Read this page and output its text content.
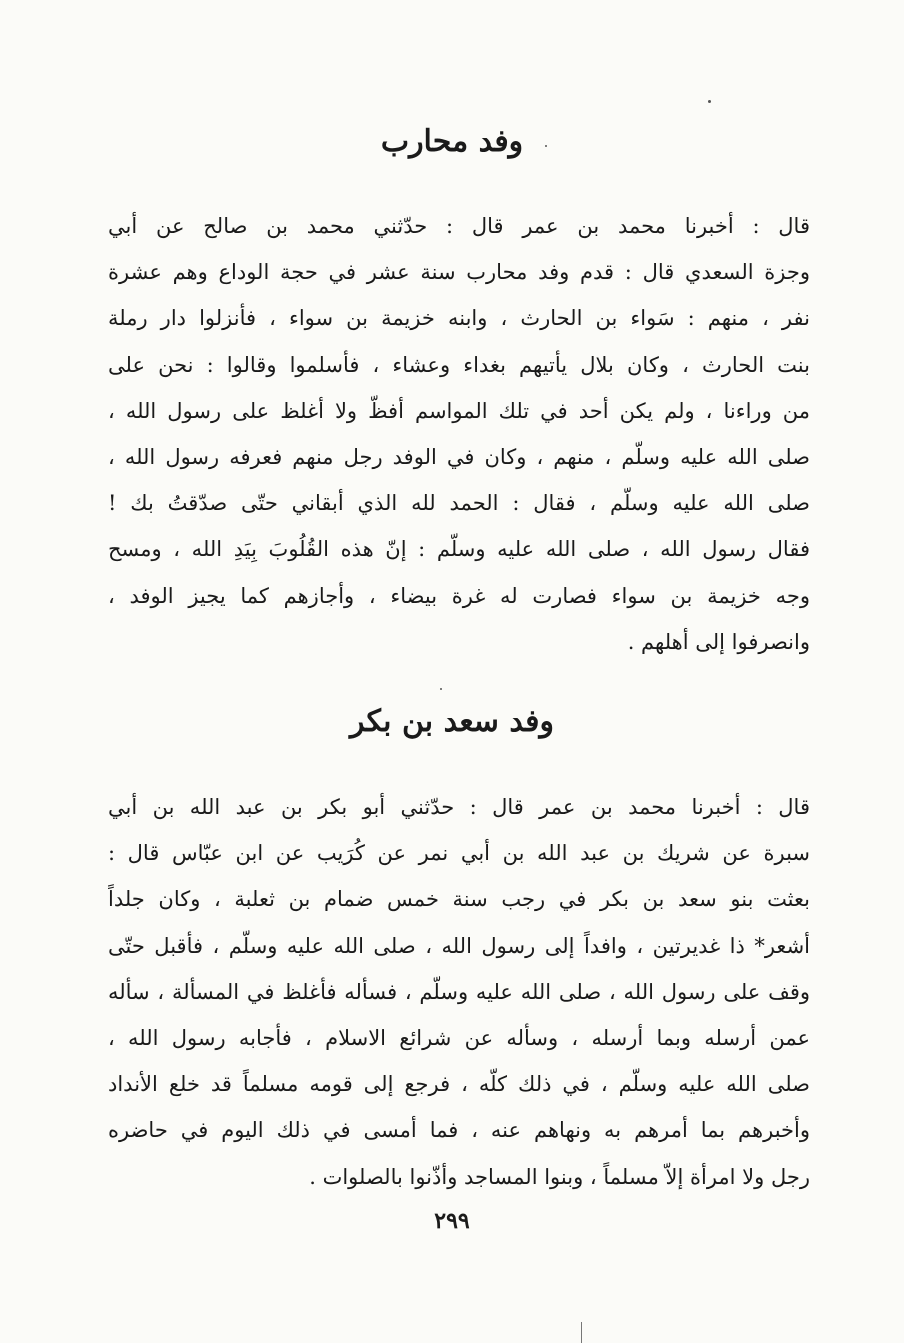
وفد محارب
قال : أخبرنا محمد بن عمر قال : حدّثني محمد بن صالح عن أبي
وجزة السعدي قال : قدم وفد محارب سنة عشر في حجة الوداع وهم عشرة
نفر ، منهم : سَواء بن الحارث ، وابنه خزيمة بن سواء ، فأنزلوا دار رملة
بنت الحارث ، وكان بلال يأتيهم بغداء وعشاء ، فأسلموا وقالوا : نحن على
من وراءنا ، ولم يكن أحد في تلك المواسم أفظّ ولا أغلظ على رسول الله ،
صلى الله عليه وسلّم ، منهم ، وكان في الوفد رجل منهم فعرفه رسول الله ،
صلى الله عليه وسلّم ، فقال : الحمد لله الذي أبقاني حتّى صدّقتُ بك !
فقال رسول الله ، صلى الله عليه وسلّم : إنّ هذه القُلُوبَ بِيَدِ الله ، ومسح
وجه خزيمة بن سواء فصارت له غرة بيضاء ، وأجازهم كما يجيز الوفد ،
وانصرفوا إلى أهلهم .
وفد سعد بن بكر
قال : أخبرنا محمد بن عمر قال : حدّثني أبو بكر بن عبد الله بن أبي
سبرة عن شريك بن عبد الله بن أبي نمر عن كُرَيب عن ابن عبّاس قال :
بعثت بنو سعد بن بكر في رجب سنة خمس ضمام بن ثعلبة ، وكان جلداً
أشعر* ذا غديرتين ، وافداً إلى رسول الله ، صلى الله عليه وسلّم ، فأقبل حتّى
وقف على رسول الله ، صلى الله عليه وسلّم ، فسأله فأغلظ في المسألة ، سأله
عمن أرسله وبما أرسله ، وسأله عن شرائع الاسلام ، فأجابه رسول الله ،
صلى الله عليه وسلّم ، في ذلك كلّه ، فرجع إلى قومه مسلماً قد خلع الأنداد
وأخبرهم بما أمرهم به ونهاهم عنه ، فما أمسى في ذلك اليوم في حاضره
رجل ولا امرأة إلاّ مسلماً ، وبنوا المساجد وأذّنوا بالصلوات .
٢٩٩
